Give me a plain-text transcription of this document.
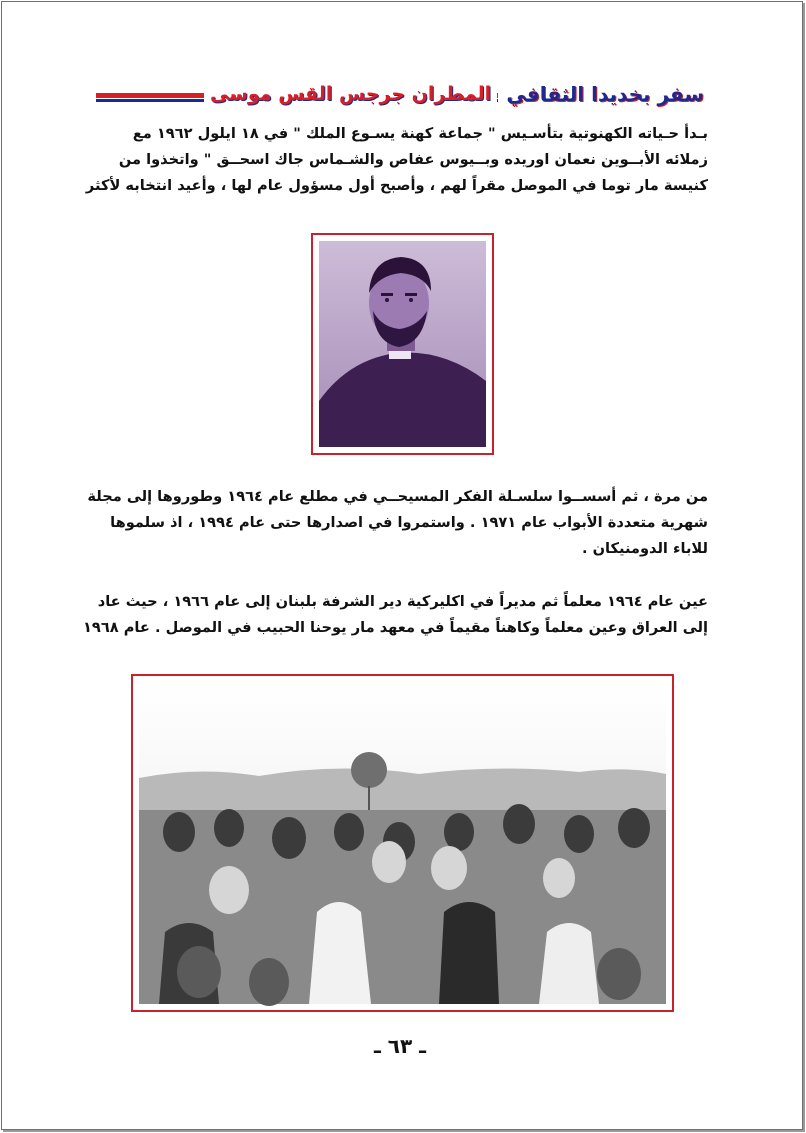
المطران جرجس القس موسى سفر بخديدا الثقافي
بـدأ حـياته الكهنوتية بتأسـيس " جماعة كهنة يسـوع الملك " في ١٨ ايلول ١٩٦٢ مع
زملائه الأبــوين نعمان اوريده وبــيوس عفاص والشـماس جاك اسحــق " واتخذوا من
كنيسة مار توما في الموصل مقراً لهم ، وأصبح أول مسؤول عام لها ، وأعيد انتخابه لأكثر
من مرة ، ثم أسســوا سلسـلة الفكر المسيحــي في مطلع عام ١٩٦٤ وطوروها إلى مجلة
شهرية متعددة الأبواب عام ١٩٧١ . واستمروا في اصدارها حتى عام ١٩٩٤ ، اذ سلموها
للاباء الدومنيكان .
عين عام ١٩٦٤ معلماً ثم مديراً في اكليركية دير الشرفة بلبنان إلى عام ١٩٦٦ ، حيث عاد
إلى العراق وعين معلماً وكاهناً مقيماً في معهد مار يوحنا الحبيب في الموصل . عام ١٩٦٨
ـ ٦٣ ـ
